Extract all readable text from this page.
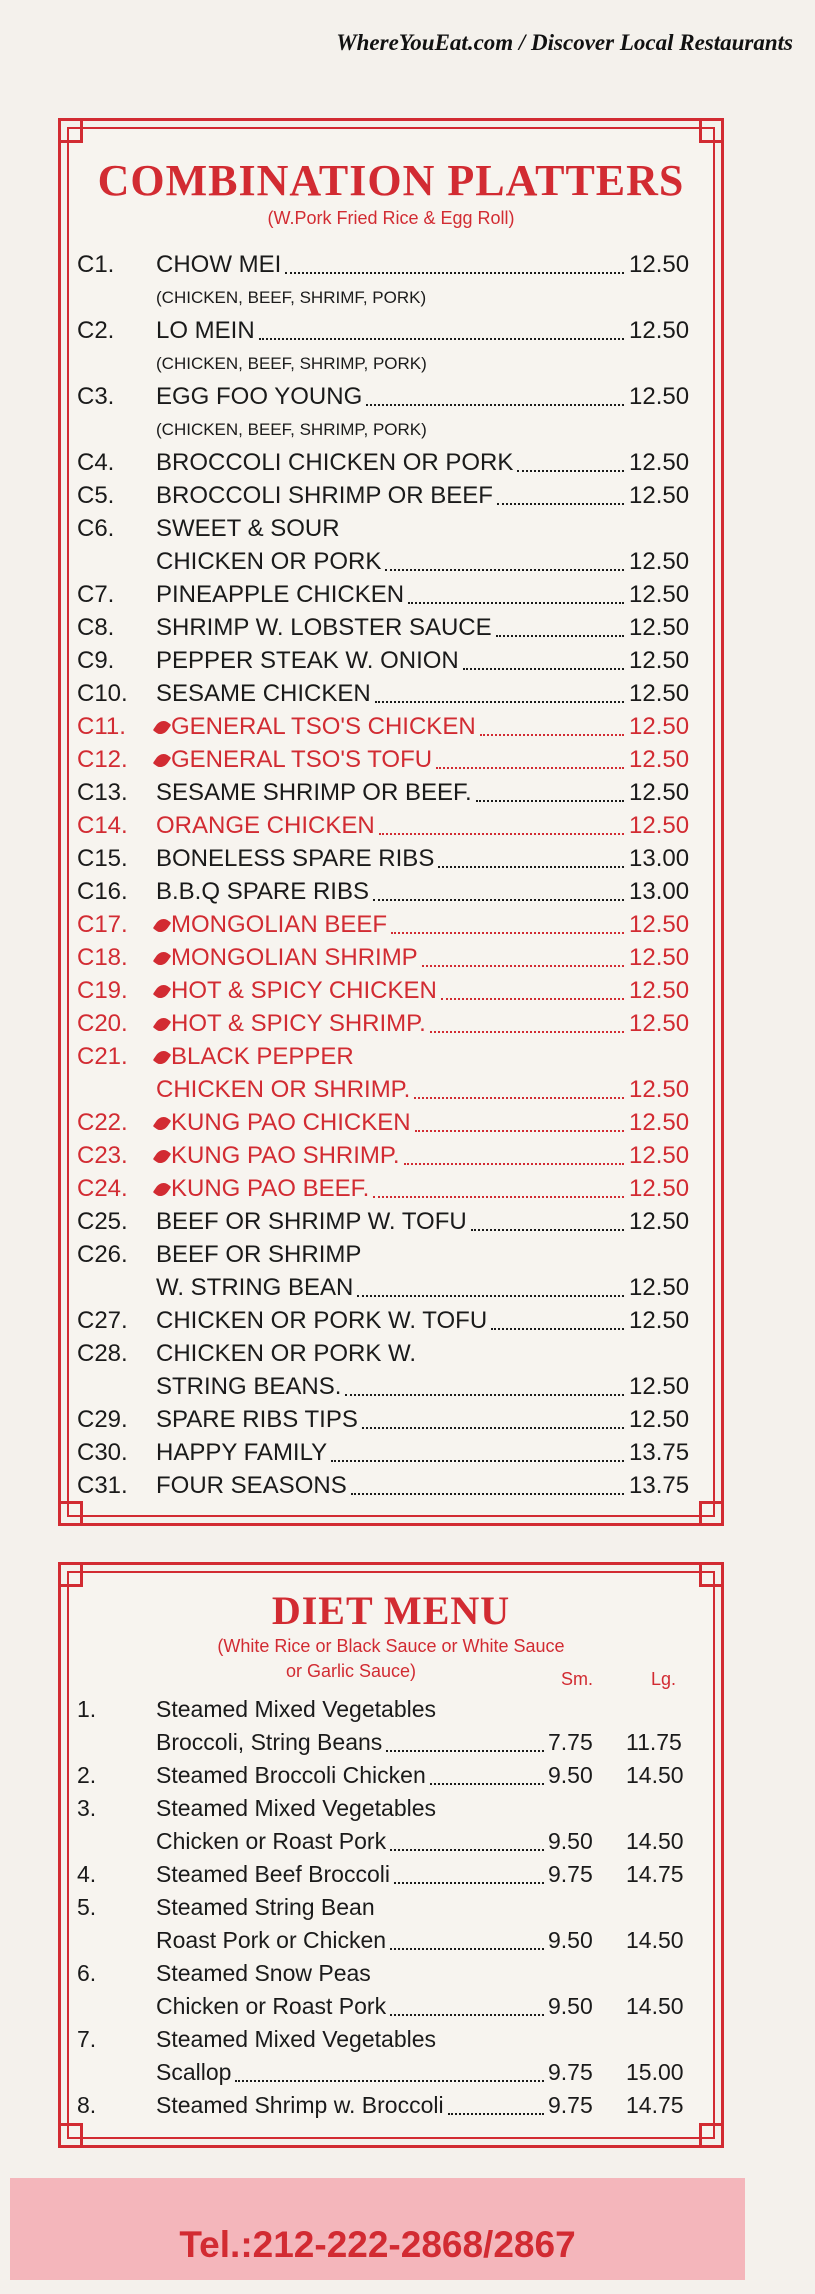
WhereYouEat.com / Discover Local Restaurants
COMBINATION PLATTERS
(W.Pork Fried Rice & Egg Roll)
C1. CHOW MEI	12.50
(CHICKEN, BEEF, SHRIMF, PORK)
C2. LO MEIN	12.50
(CHICKEN, BEEF, SHRIMP, PORK)
C3. EGG FOO YOUNG	12.50
(CHICKEN, BEEF, SHRIMP, PORK)
C4. BROCCOLI CHICKEN OR PORK	12.50
C5. BROCCOLI SHRIMP OR BEEF	12.50
C6. SWEET & SOUR
CHICKEN OR PORK	12.50
C7. PINEAPPLE CHICKEN	12.50
C8. SHRIMP W. LOBSTER SAUCE	12.50
C9. PEPPER STEAK W. ONION	12.50
C10. SESAME CHICKEN	12.50
C11.	GENERAL TSO'S CHICKEN	12.50
C12.	GENERAL TSO'S TOFU	12.50
C13. SESAME SHRIMP OR BEEF.	12.50
C14. ORANGE CHICKEN	12.50
C15. BONELESS SPARE RIBS	13.00
C16. B.B.Q SPARE RIBS	13.00
C17.	MONGOLIAN BEEF	12.50
C18.	MONGOLIAN SHRIMP	12.50
C19.	HOT & SPICY CHICKEN	12.50
C20.	HOT & SPICY SHRIMP.	12.50
C21.	BLACK PEPPER
CHICKEN OR SHRIMP.	12.50
C22.	KUNG PAO CHICKEN	12.50
C23.	KUNG PAO SHRIMP.	12.50
C24.	KUNG PAO BEEF.	12.50
C25. BEEF OR SHRIMP W. TOFU	12.50
C26. BEEF OR SHRIMP
W. STRING BEAN	12.50
C27. CHICKEN OR PORK W. TOFU	12.50
C28. CHICKEN OR PORK W.
STRING BEANS.	12.50
C29. SPARE RIBS TIPS	12.50
C30. HAPPY FAMILY	13.75
C31. FOUR SEASONS	13.75
DIET MENU
(White Rice or Black Sauce or White Sauce
or Garlic Sauce)	Sm.	Lg.
1.	Steamed Mixed Vegetables
Broccoli, String Beans	7.75 11.75
2.	Steamed Broccoli Chicken	9.50 14.50
3.	Steamed Mixed Vegetables
Chicken or Roast Pork	9.50 14.50
4.	Steamed Beef Broccoli	9.75 14.75
5.	Steamed String Bean
Roast Pork or Chicken	9.50 14.50
6.	Steamed Snow Peas
Chicken or Roast Pork	9.50 14.50
7.	Steamed Mixed Vegetables
Scallop	9.75 15.00
8.	Steamed Shrimp w. Broccoli	9.75 14.75
Tel.:212-222-2868/2867
